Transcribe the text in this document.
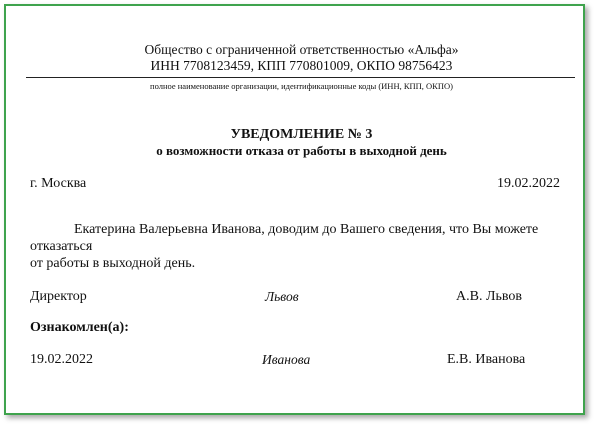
Общество с ограниченной ответственностью «Альфа»
ИНН 7708123459, КПП 770801009, ОКПО 98756423
полное наименование организации, идентификационные коды (ИНН, КПП, ОКПО)
УВЕДОМЛЕНИЕ № 3
о возможности отказа от работы в выходной день
г. Москва	19.02.2022
Екатерина Валерьевна Иванова, доводим до Вашего сведения, что Вы можете
отказаться
от работы в выходной день.
Директор	Львов	А.В. Львов
Ознакомлен(а):
19.02.2022	Иванова	Е.В. Иванова
